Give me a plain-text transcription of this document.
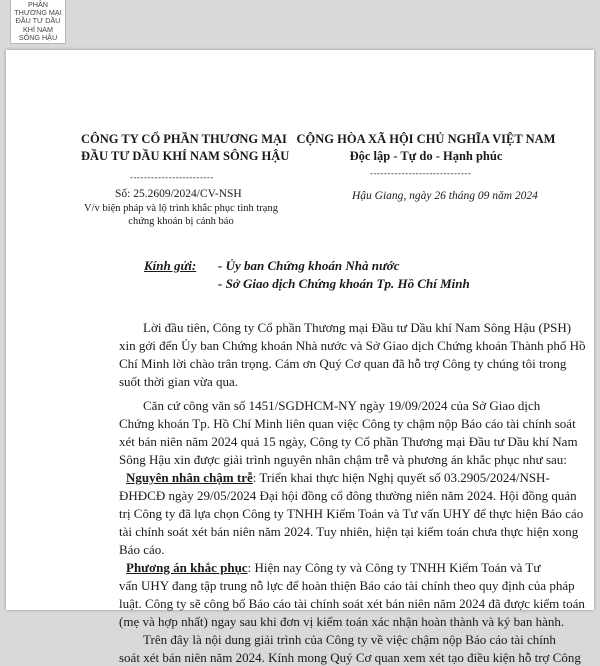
PHÂN
THƯƠNG MẠI
ĐẦU TƯ DẦU
KHÍ NAM
SÔNG HẬU
CÔNG TY CỔ PHẦN THƯƠNG MẠI
ĐẦU TƯ DẦU KHÍ NAM SÔNG HẬU
------------------------
Số: 25.2609/2024/CV-NSH
V/v biện pháp và lộ trình khắc phục tình trạng
chứng khoán bị cảnh báo
CỘNG HÒA XÃ HỘI CHỦ NGHĨA VIỆT NAM
Độc lập - Tự do - Hạnh phúc
-----------------------------
Hậu Giang, ngày 26 tháng 09 năm 2024
Kính gửi: - Ủy ban Chứng khoán Nhà nước
- Sở Giao dịch Chứng khoán Tp. Hồ Chí Minh
Lời đầu tiên, Công ty Cổ phần Thương mại Đầu tư Dầu khí Nam Sông Hậu (PSH)
xin gởi đến Ủy ban Chứng khoán Nhà nước và Sở Giao dịch Chứng khoán Thành phố Hồ
Chí Minh lời chào trân trọng. Cám ơn Quý Cơ quan đã hỗ trợ Công ty chúng tôi trong
suốt thời gian vừa qua.
Căn cứ công văn số 1451/SGDHCM-NY ngày 19/09/2024 của Sở Giao dịch
Chứng khoán Tp. Hồ Chí Minh liên quan việc Công ty chậm nộp Báo cáo tài chính soát
xét bán niên năm 2024 quá 15 ngày, Công ty Cổ phần Thương mại Đầu tư Dầu khí Nam
Sông Hậu xin được giải trình nguyên nhân chậm trễ và phương án khắc phục như sau:
Nguyên nhân chậm trễ: Triển khai thực hiện Nghị quyết số 03.2905/2024/NSH-
ĐHĐCĐ ngày 29/05/2024 Đại hội đồng cổ đông thường niên năm 2024. Hội đồng quản
trị Công ty đã lựa chọn Công ty TNHH Kiểm Toán và Tư vấn UHY để thực hiện Báo cáo
tài chính soát xét bán niên năm 2024. Tuy nhiên, hiện tại kiểm toán chưa thực hiện xong
Báo cáo.
Phương án khắc phục: Hiện nay Công ty và Công ty TNHH Kiểm Toán và Tư
vấn UHY đang tập trung nỗ lực để hoàn thiện Báo cáo tài chính theo quy định của pháp
luật. Công ty sẽ công bố Báo cáo tài chính soát xét bán niên năm 2024 đã được kiểm toán
(mẹ và hợp nhất) ngay sau khi đơn vị kiểm toán xác nhận hoàn thành và ký ban hành.
Trên đây là nội dung giải trình của Công ty về việc chậm nộp Báo cáo tài chính
soát xét bán niên năm 2024. Kính mong Quý Cơ quan xem xét tạo điều kiện hỗ trợ Công
